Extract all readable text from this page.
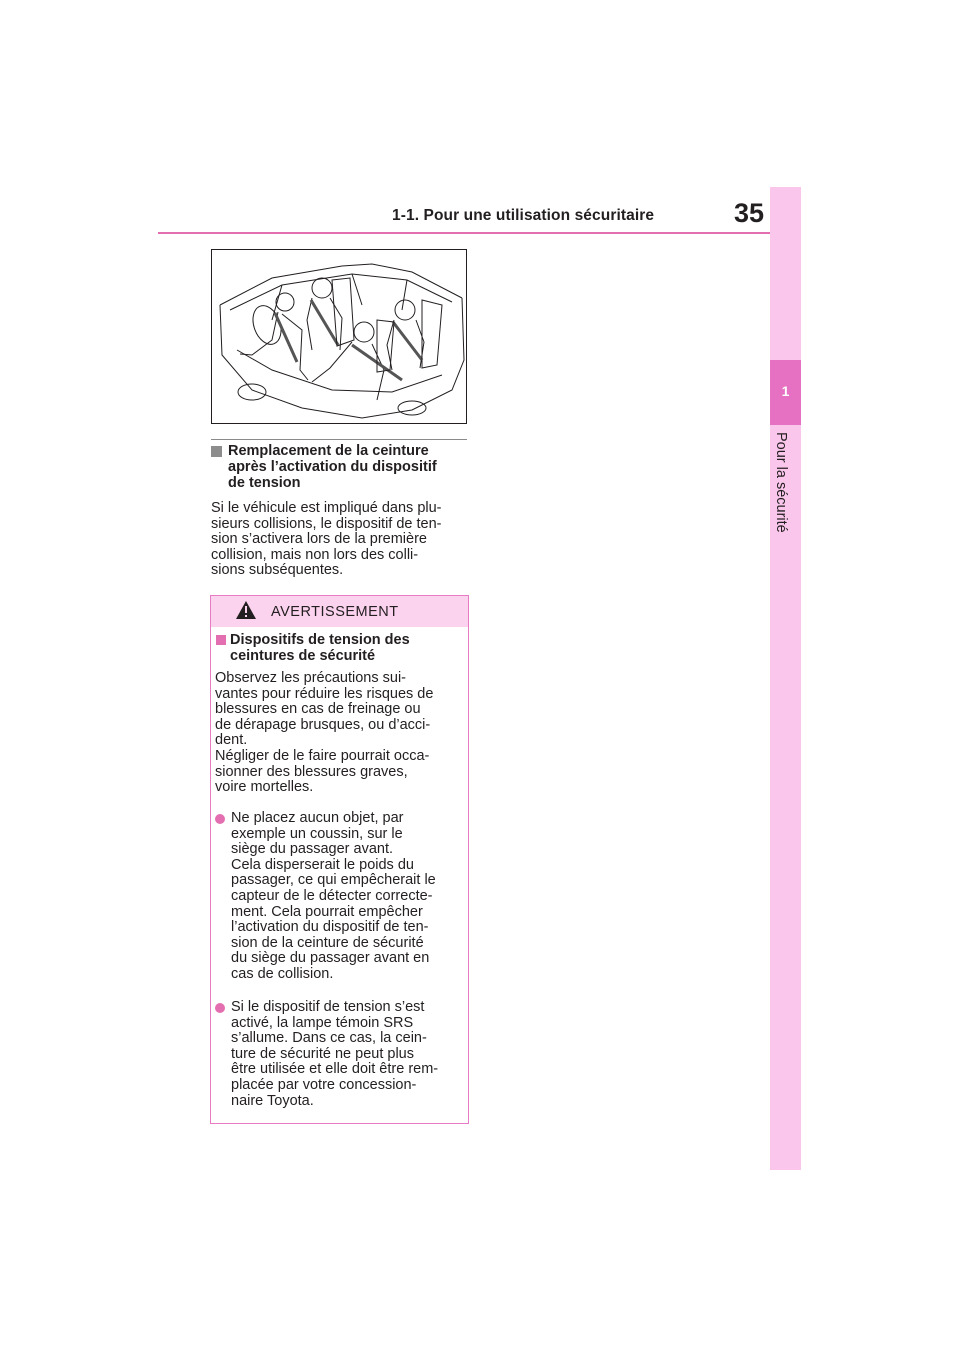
1-1. Pour une utilisation sécuritaire	35
1
Pour la sécurité
Remplacement de la ceinture
après l’activation du dispositif
de tension
Si le véhicule est impliqué dans plu-
sieurs collisions, le dispositif de ten-
sion s’activera lors de la première
collision, mais non lors des colli-
sions subséquentes.
AVERTISSEMENT
Dispositifs de tension des
ceintures de sécurité
Observez les précautions sui-
vantes pour réduire les risques de
blessures en cas de freinage ou
de dérapage brusques, ou d’acci-
dent.
Négliger de le faire pourrait occa-
sionner des blessures graves,
voire mortelles.
Ne placez aucun objet, par
exemple un coussin, sur le
siège du passager avant.
Cela disperserait le poids du
passager, ce qui empêcherait le
capteur de le détecter correcte-
ment. Cela pourrait empêcher
l’activation du dispositif de ten-
sion de la ceinture de sécurité
du siège du passager avant en
cas de collision.
Si le dispositif de tension s’est
activé, la lampe témoin SRS
s’allume. Dans ce cas, la cein-
ture de sécurité ne peut plus
être utilisée et elle doit être rem-
placée par votre concession-
naire Toyota.
